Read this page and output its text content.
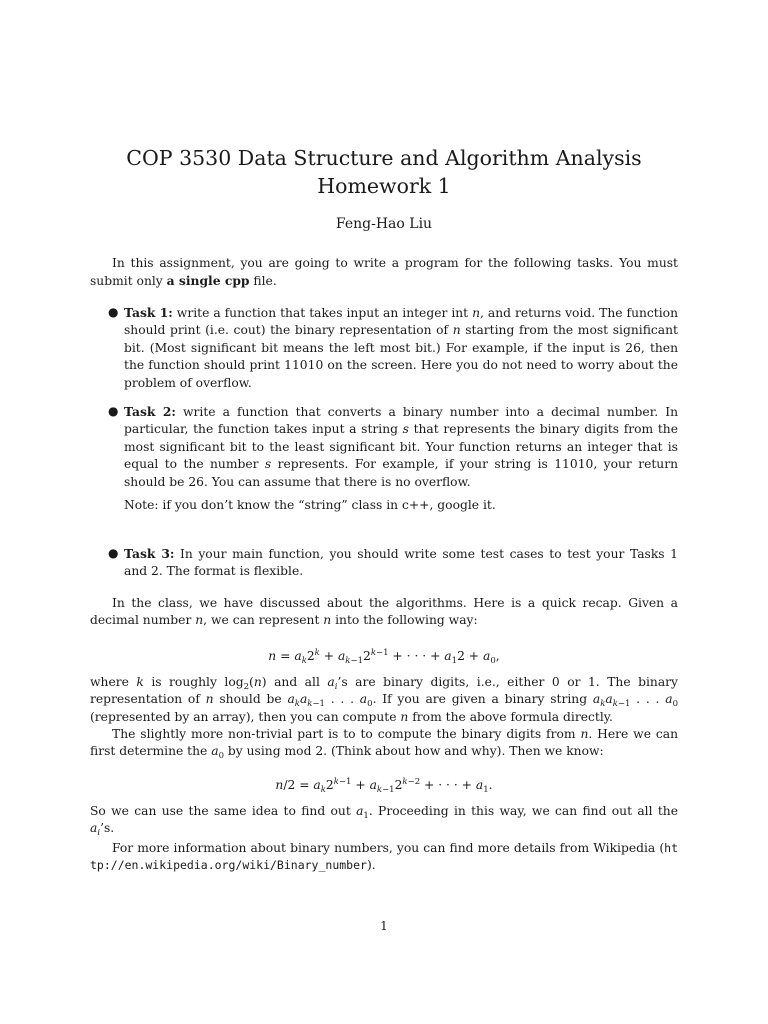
COP 3530 Data Structure and Algorithm Analysis
Homework 1
Feng-Hao Liu

In this assignment, you are going to write a program for the following tasks. You must submit only a single cpp file.

● Task 1: write a function that takes input an integer int n, and returns void. The function should print (i.e. cout) the binary representation of n starting from the most significant bit. (Most significant bit means the left most bit.) For example, if the input is 26, then the function should print 11010 on the screen. Here you do not need to worry about the problem of overflow.
● Task 2: write a function that converts a binary number into a decimal number. In particular, the function takes input a string s that represents the binary digits from the most significant bit to the least significant bit. Your function returns an integer that is equal to the number s represents. For example, if your string is 11010, your return should be 26. You can assume that there is no overflow.
Note: if you don’t know the “string” class in c++, google it.
● Task 3: In your main function, you should write some test cases to test your Tasks 1 and 2. The format is flexible.

In the class, we have discussed about the algorithms. Here is a quick recap. Given a decimal number n, we can represent n into the following way:

$n = a_k2^k + a_{k-1}2^{k-1}$ + · · · + $a_12 + a_0$,

where k is roughly $\log_2(n)$ and all $a_i’s$ are binary digits, i.e., either 0 or 1. The binary representation of n should be $a_ka_{k-1}$ . . . $a_0$. If you are given a binary string $a_ka_{k-1}$ . . . $a_0$ (represented by an array), then you can compute n from the above formula directly.

The slightly more non-trivial part is to to compute the binary digits from n. Here we can first determine the $a_0$ by using mod 2. (Think about how and why). Then we know:

$n/2 = a_k2^{k-1} + a_{k-1}2^{k-2}$ + · · · + $a_1$.

So we can use the same idea to find out $a_1$. Proceeding in this way, we can find out all the $a_i’s$.

For more information about binary numbers, you can find more details from Wikipedia (http://en.wikipedia.org/wiki/Binary_number).

1
